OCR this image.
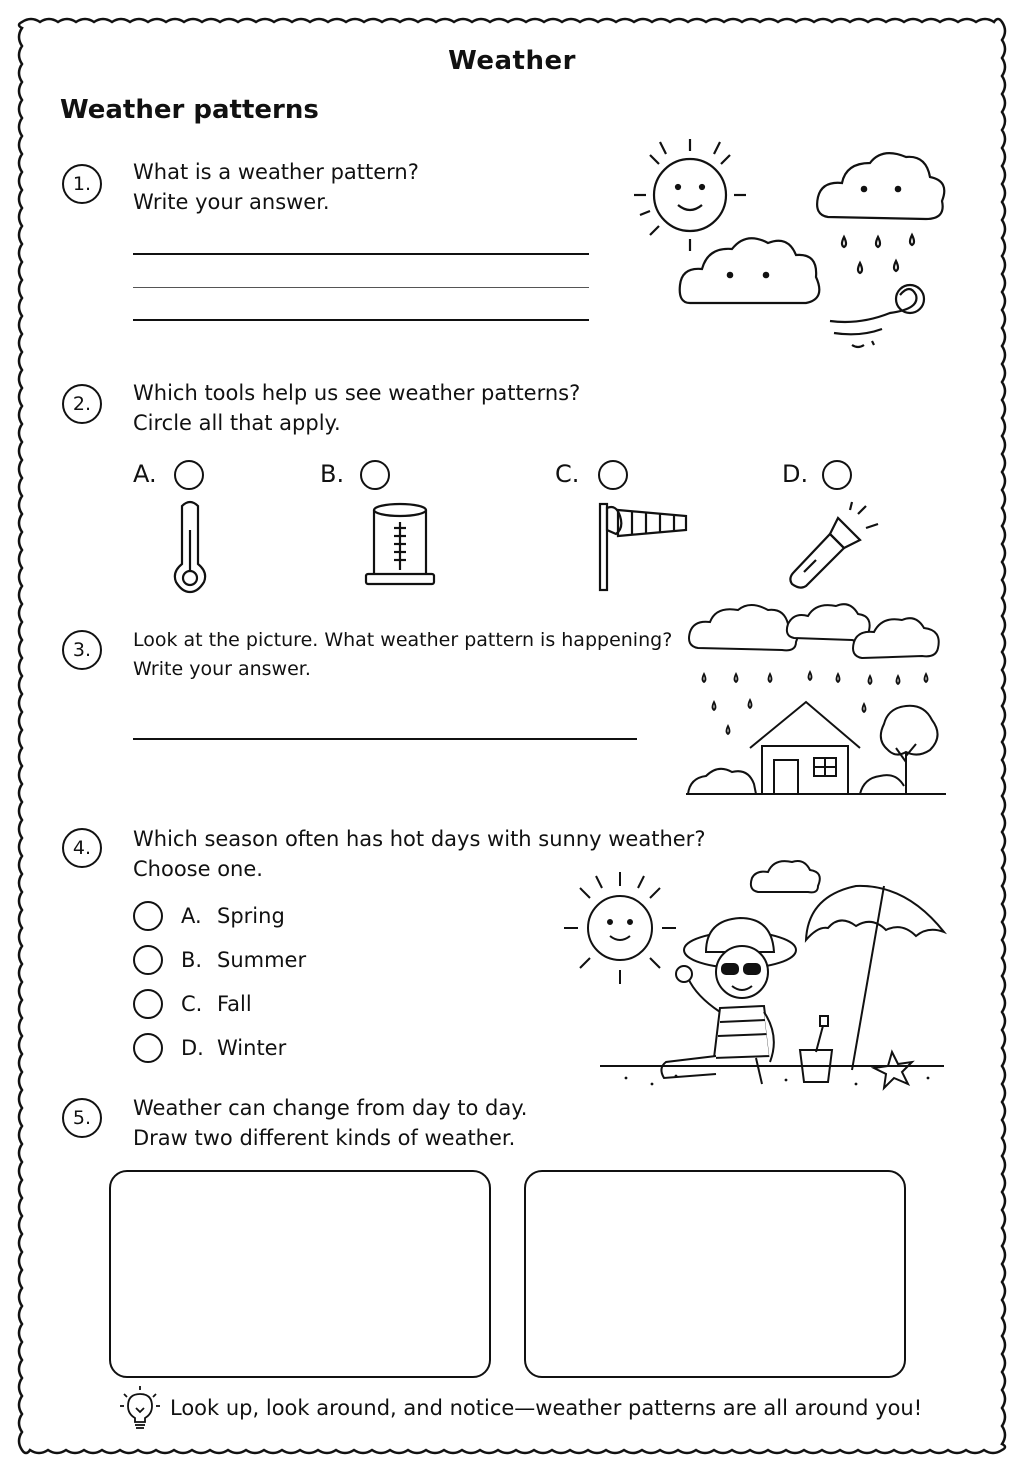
Weather
Weather patterns
1.	What is a weather pattern?
Write your answer.
2.	Which tools help us see weather patterns?
Circle all that apply.
A.	B.	C.	D.
3.	Look at the picture. What weather pattern is happening?
Write your answer.
4.	Which season often has hot days with sunny weather?
Choose one.
A. Spring
B. Summer
C. Fall
D. Winter
5.	Weather can change from day to day.
Draw two different kinds of weather.
Look up, look around, and notice—weather patterns are all around you!
